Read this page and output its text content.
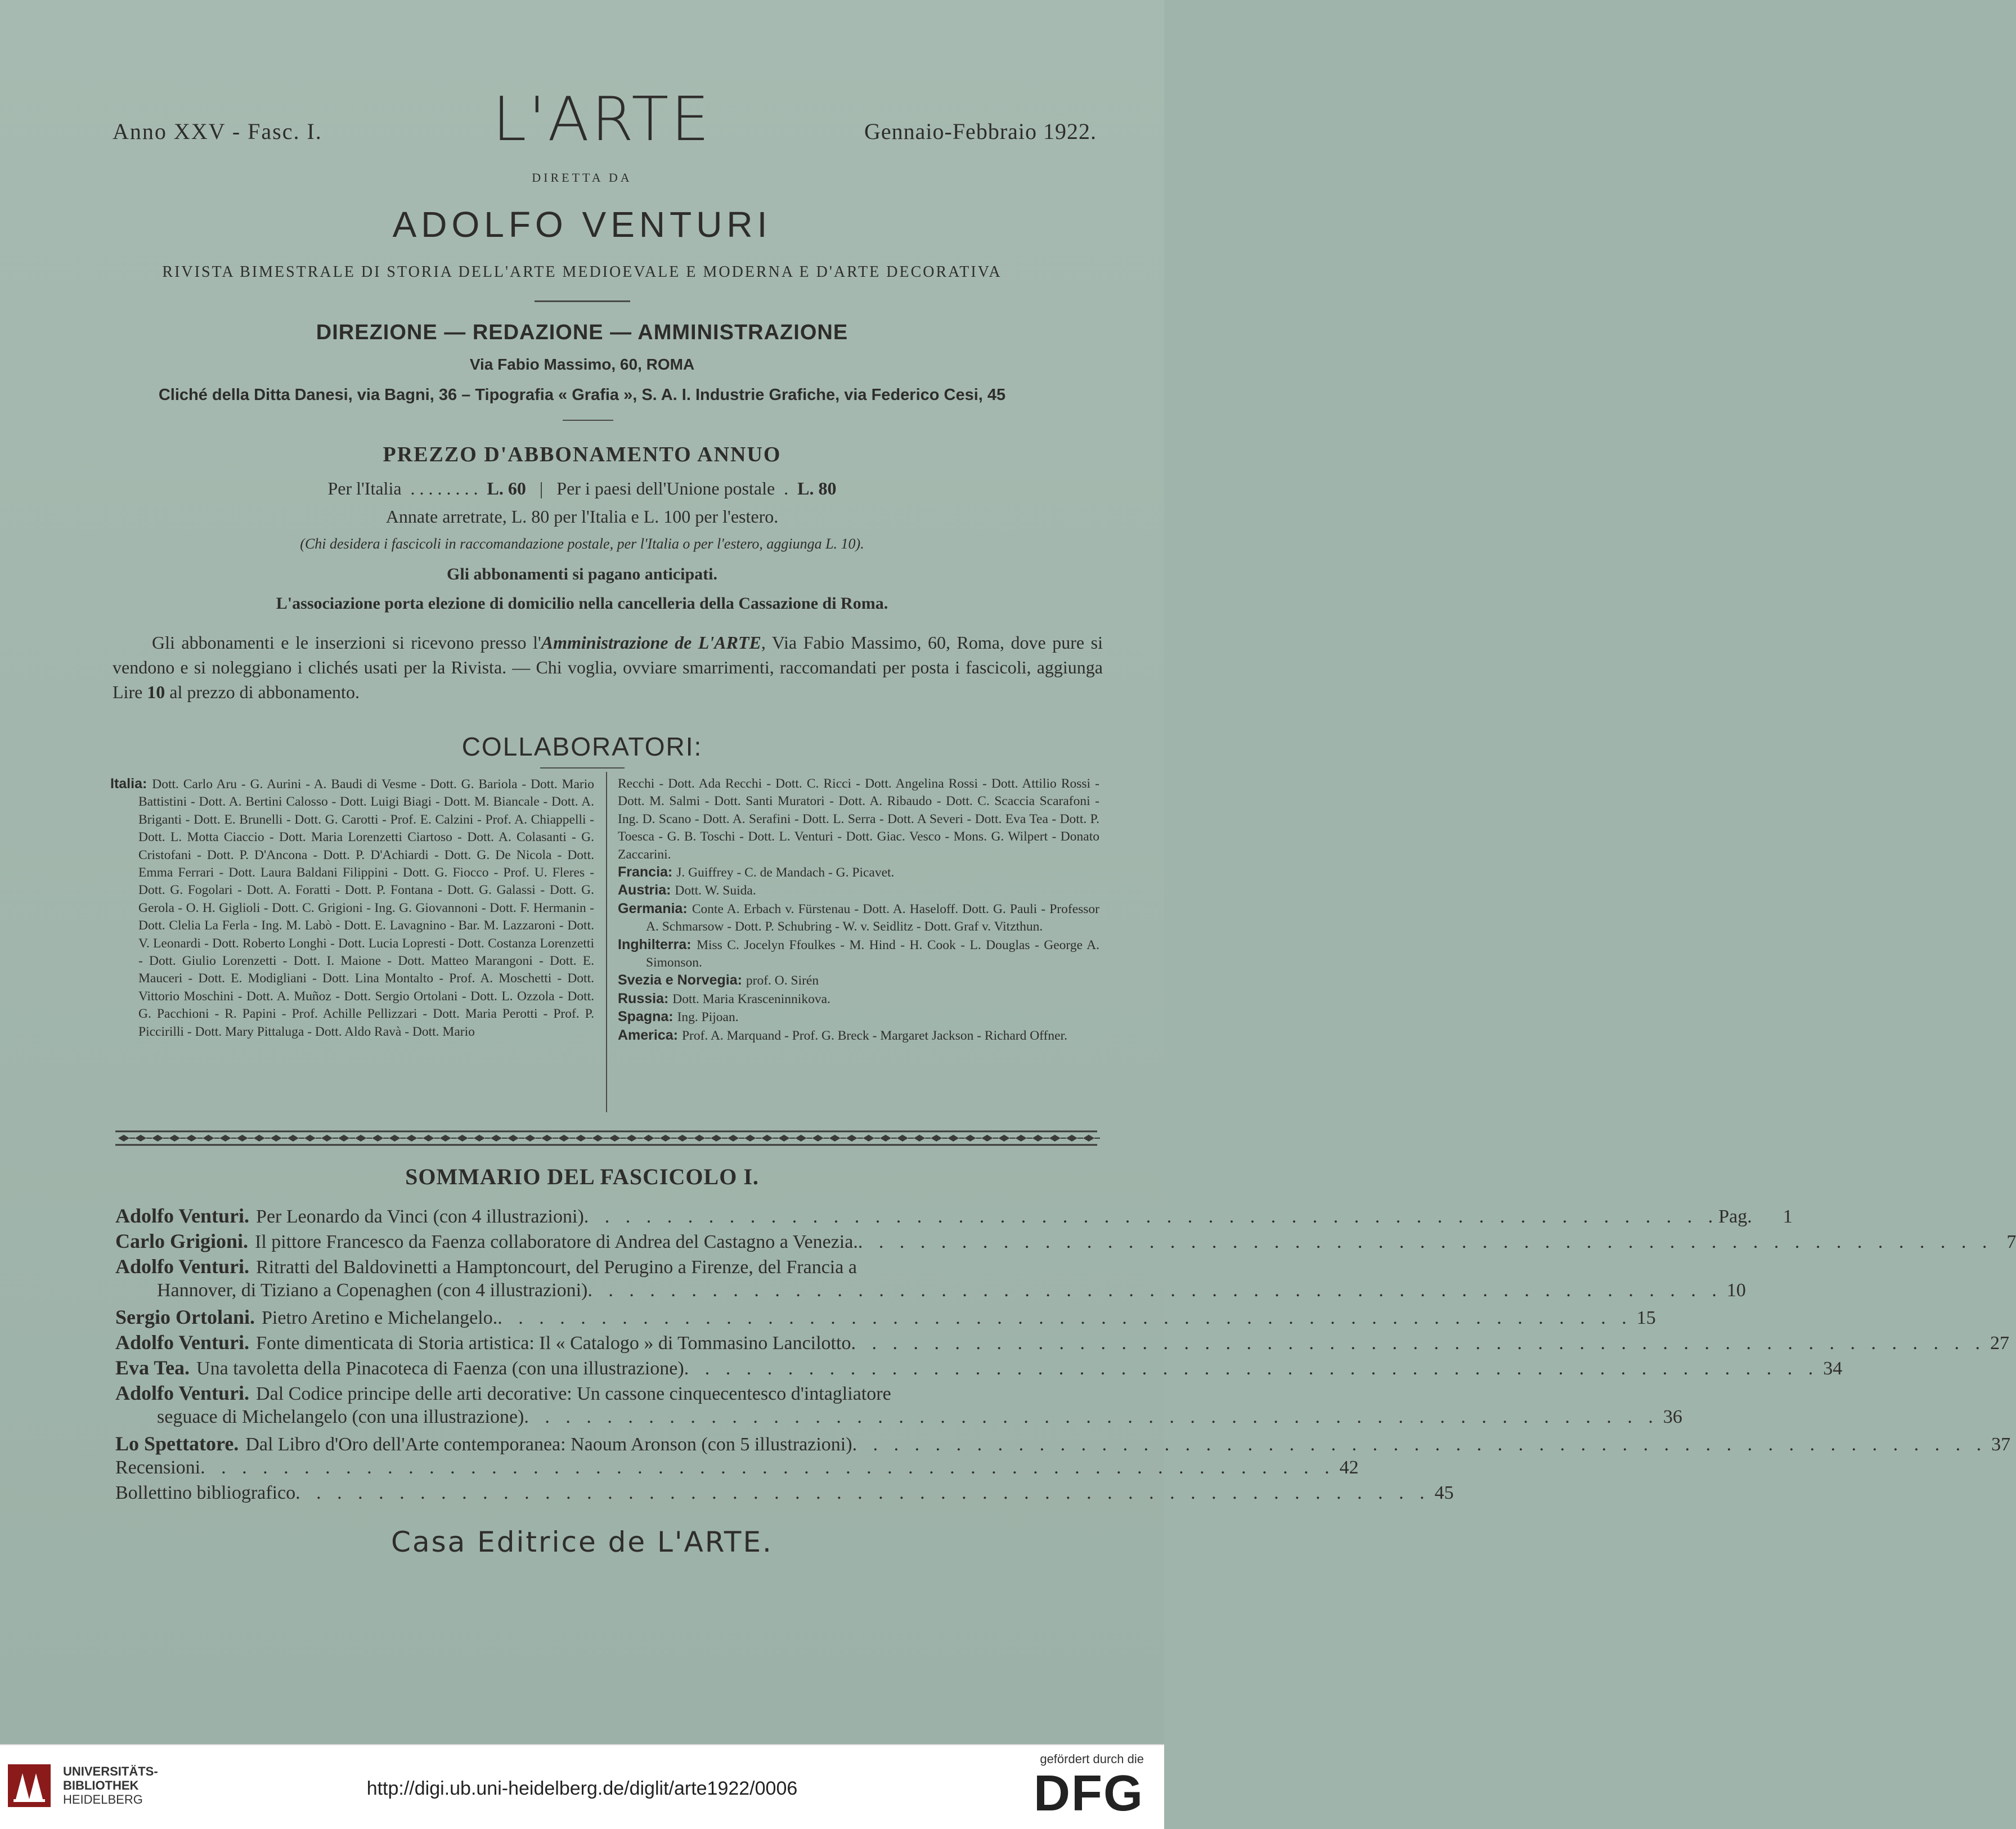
Anno XXV - Fasc. I.	L'ARTE	Gennaio-Febbraio 1922.
DIRETTA DA
ADOLFO VENTURI
RIVISTA BIMESTRALE DI STORIA DELL'ARTE MEDIOEVALE E MODERNA E D'ARTE DECORATIVA
DIREZIONE — REDAZIONE — AMMINISTRAZIONE
Via Fabio Massimo, 60, ROMA
Cliché della Ditta Danesi, via Bagni, 36 – Tipografia « Grafia », S. A. I. Industrie Grafiche, via Federico Cesi, 45
PREZZO D'ABBONAMENTO ANNUO
Per l'Italia  . . . . . . . .  L. 60   |   Per i paesi dell'Unione postale  .  L. 80
Annate arretrate, L. 80 per l'Italia e L. 100 per l'estero.
(Chi desidera i fascicoli in raccomandazione postale, per l'Italia o per l'estero, aggiunga L. 10).
Gli abbonamenti si pagano anticipati.
L'associazione porta elezione di domicilio nella cancelleria della Cassazione di Roma.
Gli abbonamenti e le inserzioni si ricevono presso l'Amministrazione de L'ARTE, Via Fabio Massimo, 60, Roma, dove pure si vendono e si noleggiano i clichés usati per la Rivista. — Chi voglia, ovviare smarrimenti, raccomandati per posta i fascicoli, aggiunga Lire 10 al prezzo di abbonamento.
COLLABORATORI:
Italia: Dott. Carlo Aru - G. Aurini - A. Baudi di Vesme - Dott. G. Bariola - Dott. Mario Battistini - Dott. A. Bertini Calosso - Dott. Luigi Biagi - Dott. M. Biancale - Dott. A. Briganti - Dott. E. Brunelli - Dott. G. Carotti - Prof. E. Calzini - Prof. A. Chiappelli - Dott. L. Motta Ciaccio - Dott. Maria Lorenzetti Ciartoso - Dott. A. Colasanti - G. Cristofani - Dott. P. D'Ancona - Dott. P. D'Achiardi - Dott. G. De Nicola - Dott. Emma Ferrari - Dott. Laura Baldani Filippini - Dott. G. Fiocco - Prof. U. Fleres - Dott. G. Fogolari - Dott. A. Foratti - Dott. P. Fontana - Dott. G. Galassi - Dott. G. Gerola - O. H. Giglioli - Dott. C. Grigioni - Ing. G. Giovannoni - Dott. F. Hermanin - Dott. Clelia La Ferla - Ing. M. Labò - Dott. E. Lavagnino - Bar. M. Lazzaroni - Dott. V. Leonardi - Dott. Roberto Longhi - Dott. Lucia Lopresti - Dott. Costanza Lorenzetti - Dott. Giulio Lorenzetti - Dott. I. Maione - Dott. Matteo Marangoni - Dott. E. Mauceri - Dott. E. Modigliani - Dott. Lina Montalto - Prof. A. Moschetti - Dott. Vittorio Moschini - Dott. A. Muñoz - Dott. Sergio Ortolani - Dott. L. Ozzola - Dott. G. Pacchioni - R. Papini - Prof. Achille Pellizzari - Dott. Maria Perotti - Prof. P. Piccirilli - Dott. Mary Pittaluga - Dott. Aldo Ravà - Dott. Mario
Recchi - Dott. Ada Recchi - Dott. C. Ricci - Dott. Angelina Rossi - Dott. Attilio Rossi - Dott. M. Salmi - Dott. Santi Muratori - Dott. A. Ribaudo - Dott. C. Scaccia Scarafoni - Ing. D. Scano - Dott. A. Serafini - Dott. L. Serra - Dott. A Severi - Dott. Eva Tea - Dott. P. Toesca - G. B. Toschi - Dott. L. Venturi - Dott. Giac. Vesco - Mons. G. Wilpert - Donato Zaccarini.
Francia: J. Guiffrey - C. de Mandach - G. Picavet.
Austria: Dott. W. Suida.
Germania: Conte A. Erbach v. Fürstenau - Dott. A. Haseloff. Dott. G. Pauli - Professor A. Schmarsow - Dott. P. Schubring - W. v. Seidlitz - Dott. Graf v. Vitzthun.
Inghilterra: Miss C. Jocelyn Ffoulkes - M. Hind - H. Cook - L. Douglas - George A. Simonson.
Svezia e Norvegia: prof. O. Sirén
Russia: Dott. Maria Krasceninnikova.
Spagna: Ing. Pijoan.
America: Prof. A. Marquand - Prof. G. Breck - Margaret Jackson - Richard Offner.
SOMMARIO DEL FASCICOLO I.
Adolfo Venturi. Per Leonardo da Vinci (con 4 illustrazioni) . . . . . . . . . . . . . . . . . . . . . . . . . . . . . . . . . . . . . . . . . . . . . . . . . . . . . . . Pag.	1
Carlo Grigioni. Il pittore Francesco da Faenza collaboratore di Andrea del Castagno a Venezia. . . . . . . . . . . . . . . . . . . . . . . . . . . . . . . . . . . . . . . . . . . . . . . . . . . . . . . . 7
Adolfo Venturi. Ritratti del Baldovinetti a Hamptoncourt, del Perugino a Firenze, del Francia a
Hannover, di Tiziano a Copenaghen (con 4 illustrazioni) . . . . . . . . . . . . . . . . . . . . . . . . . . . . . . . . . . . . . . . . . . . . . . . . . . . . . . . 10
Sergio Ortolani. Pietro Aretino e Michelangelo. . . . . . . . . . . . . . . . . . . . . . . . . . . . . . . . . . . . . . . . . . . . . . . . . . . . . . . . 15
Adolfo Venturi. Fonte dimenticata di Storia artistica: Il « Catalogo » di Tommasino Lancilotto . . . . . . . . . . . . . . . . . . . . . . . . . . . . . . . . . . . . . . . . . . . . . . . . . . . . . . . 27
Eva Tea. Una tavoletta della Pinacoteca di Faenza (con una illustrazione) . . . . . . . . . . . . . . . . . . . . . . . . . . . . . . . . . . . . . . . . . . . . . . . . . . . . . . . 34
Adolfo Venturi. Dal Codice principe delle arti decorative: Un cassone cinquecentesco d'intagliatore
seguace di Michelangelo (con una illustrazione) . . . . . . . . . . . . . . . . . . . . . . . . . . . . . . . . . . . . . . . . . . . . . . . . . . . . . . . 36
Lo Spettatore. Dal Libro d'Oro dell'Arte contemporanea: Naoum Aronson (con 5 illustrazioni) . . . . . . . . . . . . . . . . . . . . . . . . . . . . . . . . . . . . . . . . . . . . . . . . . . . . . . . 37
Recensioni . . . . . . . . . . . . . . . . . . . . . . . . . . . . . . . . . . . . . . . . . . . . . . . . . . . . . . . 42
Bollettino bibliografico . . . . . . . . . . . . . . . . . . . . . . . . . . . . . . . . . . . . . . . . . . . . . . . . . . . . . . . 45
Casa Editrice de L'ARTE.
UNIVERSITÄTS-
BIBLIOTHEK
HEIDELBERG
http://digi.ub.uni-heidelberg.de/diglit/arte1922/0006
gefördert durch die
DFG
